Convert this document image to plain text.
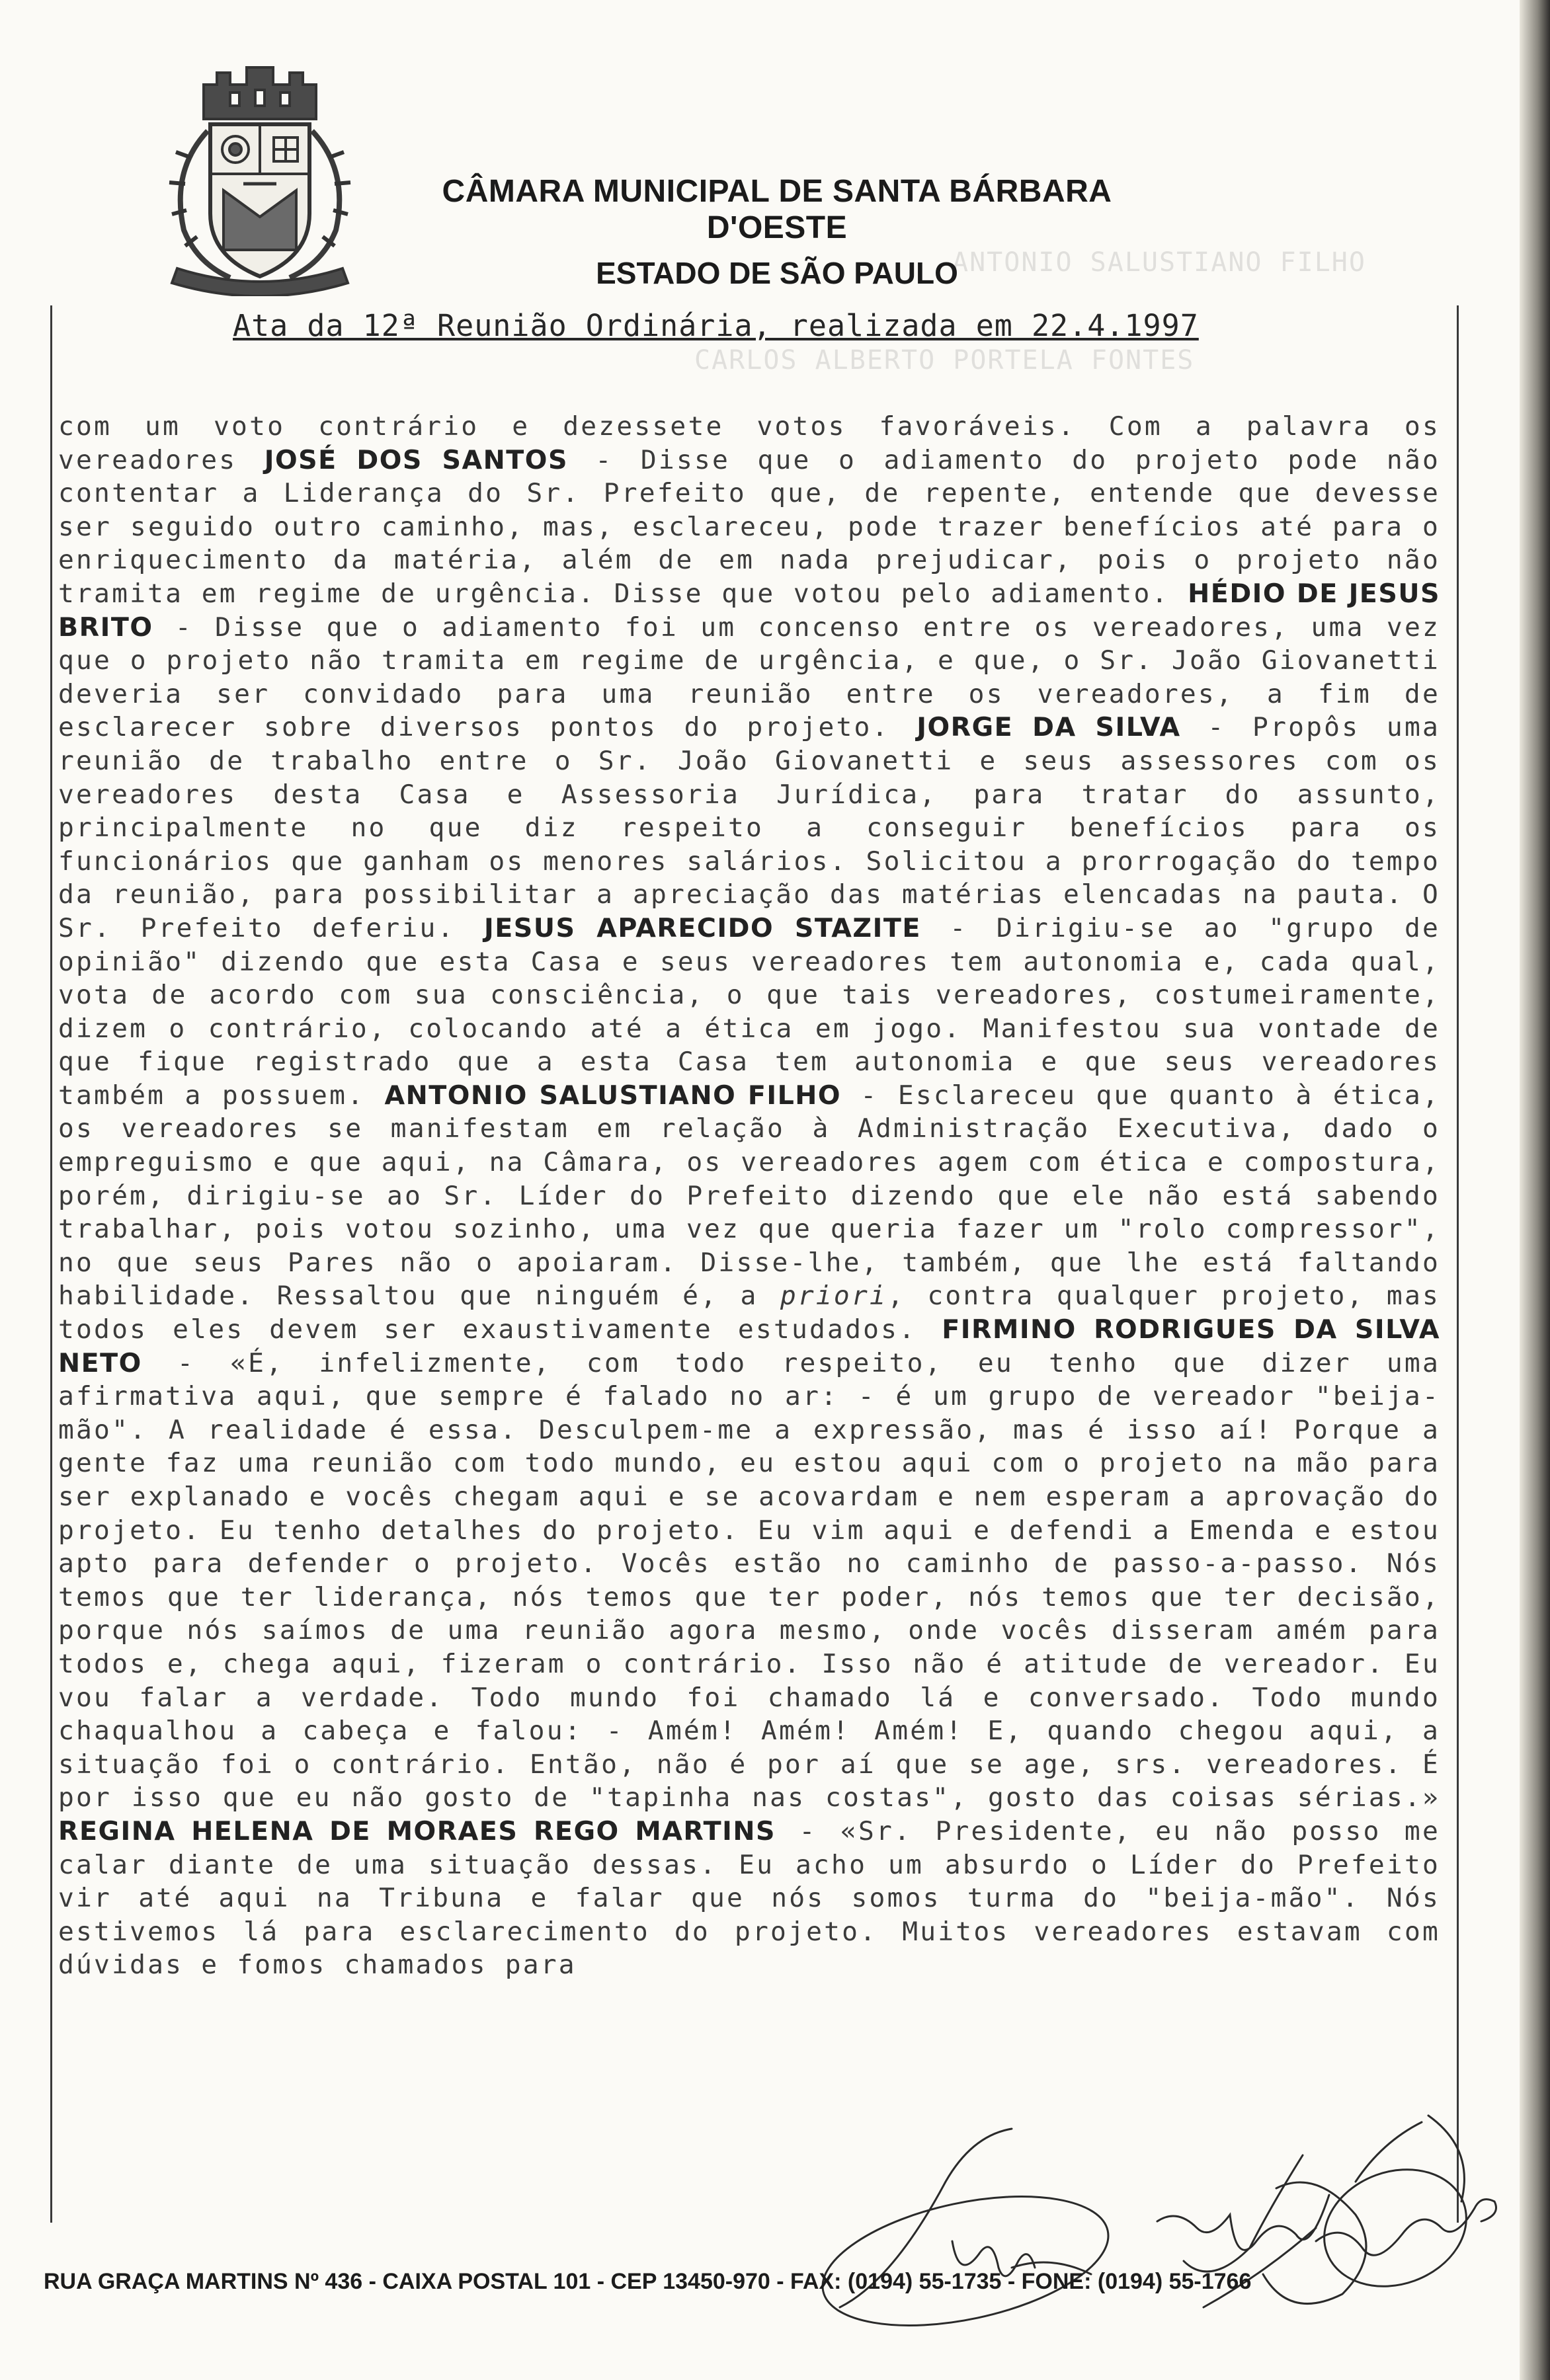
ANTONIO SALUSTIANO FILHO
CARLOS ALBERTO PORTELA FONTES
CÂMARA MUNICIPAL DE SANTA BÁRBARA D'OESTE
ESTADO DE SÃO PAULO
Ata da 12ª Reunião Ordinária, realizada em 22.4.1997
com um voto contrário e dezessete votos favoráveis. Com a palavra os vereadores JOSÉ DOS SANTOS - Disse que o adiamento do projeto pode não contentar a Liderança do Sr. Prefeito que, de repente, entende que devesse ser seguido outro caminho, mas, esclareceu, pode trazer benefícios até para o enriquecimento da matéria, além de em nada prejudicar, pois o projeto não tramita em regime de urgência. Disse que votou pelo adiamento. HÉDIO DE JESUS BRITO - Disse que o adiamento foi um concenso entre os vereadores, uma vez que o projeto não tramita em regime de urgência, e que, o Sr. João Giovanetti deveria ser convidado para uma reunião entre os vereadores, a fim de esclarecer sobre diversos pontos do projeto. JORGE DA SILVA - Propôs uma reunião de trabalho entre o Sr. João Giovanetti e seus assessores com os vereadores desta Casa e Assessoria Jurídica, para tratar do assunto, principalmente no que diz respeito a conseguir benefícios para os funcionários que ganham os menores salários. Solicitou a prorrogação do tempo da reunião, para possibilitar a apreciação das matérias elencadas na pauta. O Sr. Prefeito deferiu. JESUS APARECIDO STAZITE - Dirigiu-se ao "grupo de opinião" dizendo que esta Casa e seus vereadores tem autonomia e, cada qual, vota de acordo com sua consciência, o que tais vereadores, costumeiramente, dizem o contrário, colocando até a ética em jogo. Manifestou sua vontade de que fique registrado que a esta Casa tem autonomia e que seus vereadores também a possuem. ANTONIO SALUSTIANO FILHO - Esclareceu que quanto à ética, os vereadores se manifestam em relação à Administração Executiva, dado o empreguismo e que aqui, na Câmara, os vereadores agem com ética e compostura, porém, dirigiu-se ao Sr. Líder do Prefeito dizendo que ele não está sabendo trabalhar, pois votou sozinho, uma vez que queria fazer um "rolo compressor", no que seus Pares não o apoiaram. Disse-lhe, também, que lhe está faltando habilidade. Ressaltou que ninguém é, a priori, contra qualquer projeto, mas todos eles devem ser exaustivamente estudados. FIRMINO RODRIGUES DA SILVA NETO - «É, infelizmente, com todo respeito, eu tenho que dizer uma afirmativa aqui, que sempre é falado no ar: - é um grupo de vereador "beija-mão". A realidade é essa. Desculpem-me a expressão, mas é isso aí! Porque a gente faz uma reunião com todo mundo, eu estou aqui com o projeto na mão para ser explanado e vocês chegam aqui e se acovardam e nem esperam a aprovação do projeto. Eu tenho detalhes do projeto. Eu vim aqui e defendi a Emenda e estou apto para defender o projeto. Vocês estão no caminho de passo-a-passo. Nós temos que ter liderança, nós temos que ter poder, nós temos que ter decisão, porque nós saímos de uma reunião agora mesmo, onde vocês disseram amém para todos e, chega aqui, fizeram o contrário. Isso não é atitude de vereador. Eu vou falar a verdade. Todo mundo foi chamado lá e conversado. Todo mundo chaqualhou a cabeça e falou: - Amém! Amém! Amém! E, quando chegou aqui, a situação foi o contrário. Então, não é por aí que se age, srs. vereadores. É por isso que eu não gosto de "tapinha nas costas", gosto das coisas sérias.» REGINA HELENA DE MORAES REGO MARTINS - «Sr. Presidente, eu não posso me calar diante de uma situação dessas. Eu acho um absurdo o Líder do Prefeito vir até aqui na Tribuna e falar que nós somos turma do "beija-mão". Nós estivemos lá para esclarecimento do projeto. Muitos vereadores estavam com dúvidas e fomos chamados para
RUA GRAÇA MARTINS Nº 436 - CAIXA POSTAL 101 - CEP 13450-970 - FAX: (0194) 55-1735 - FONE: (0194) 55-1766
